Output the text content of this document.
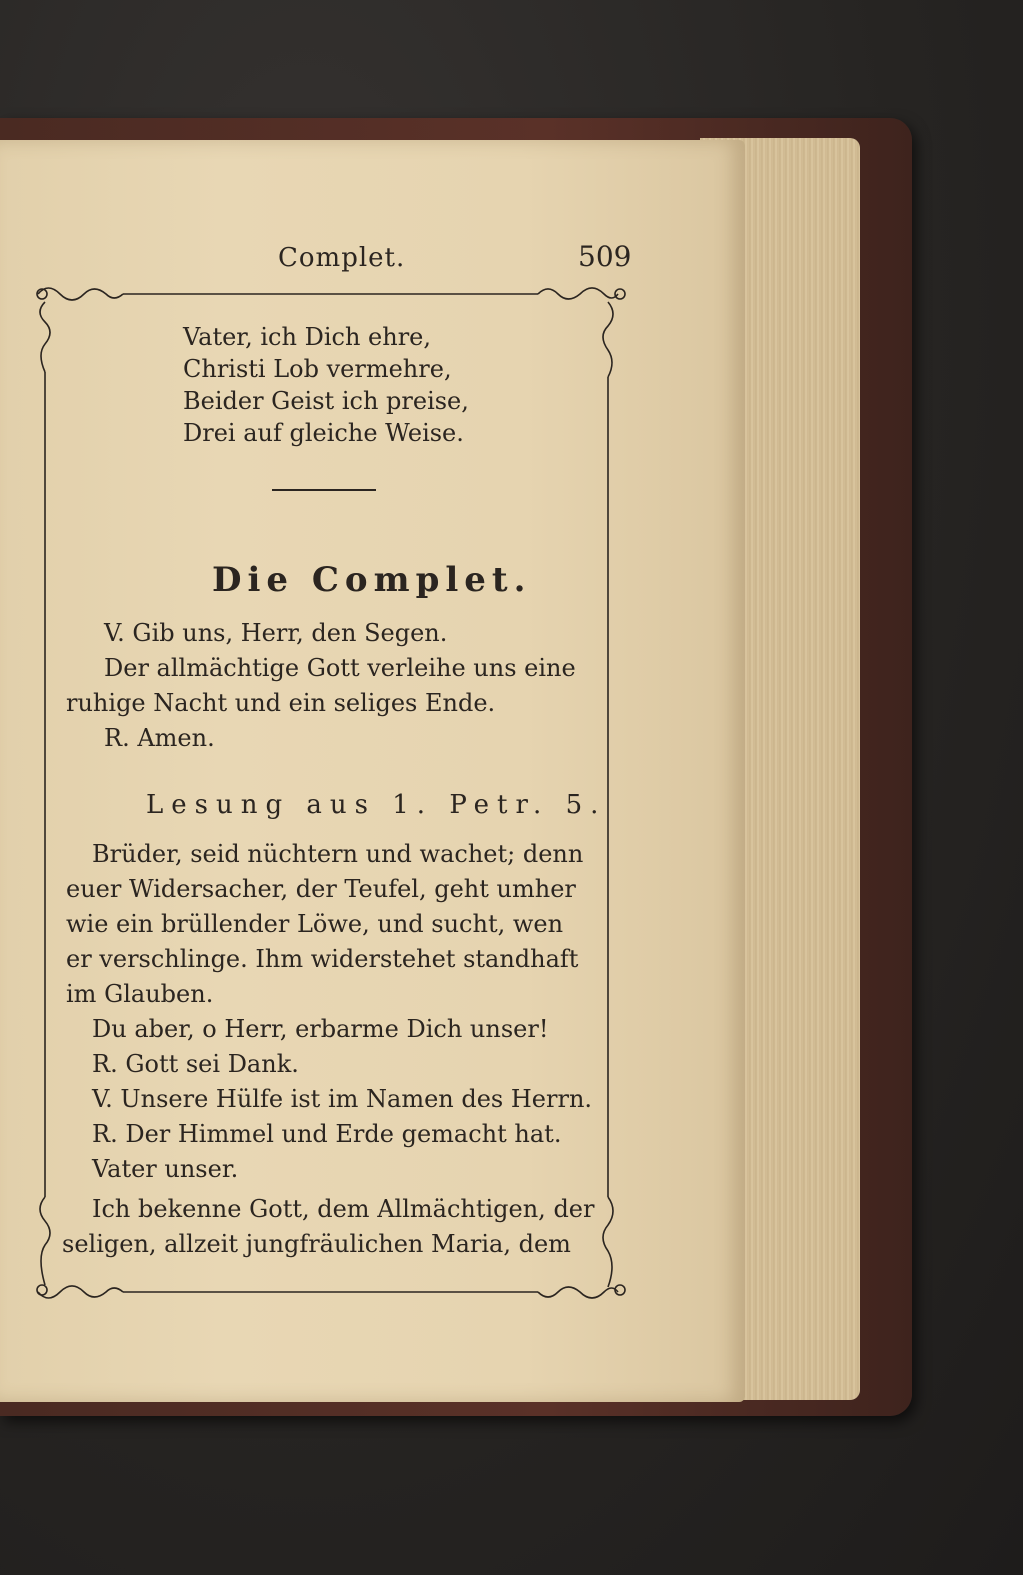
Complet.	509
Vater, ich Dich ehre,
Christi Lob vermehre,
Beider Geist ich preise,
Drei auf gleiche Weise.
Die Complet.
V. Gib uns, Herr, den Segen.
Der allmächtige Gott verleihe uns eine
ruhige Nacht und ein seliges Ende.
R. Amen.
Lesung aus 1. Petr. 5.
Brüder, seid nüchtern und wachet; denn
euer Widersacher, der Teufel, geht umher
wie ein brüllender Löwe, und sucht, wen
er verschlinge. Ihm widerstehet standhaft
im Glauben.
Du aber, o Herr, erbarme Dich unser!
R. Gott sei Dank.
V. Unsere Hülfe ist im Namen des Herrn.
R. Der Himmel und Erde gemacht hat.
Vater unser.
Ich bekenne Gott, dem Allmächtigen, der
seligen, allzeit jungfräulichen Maria, dem
